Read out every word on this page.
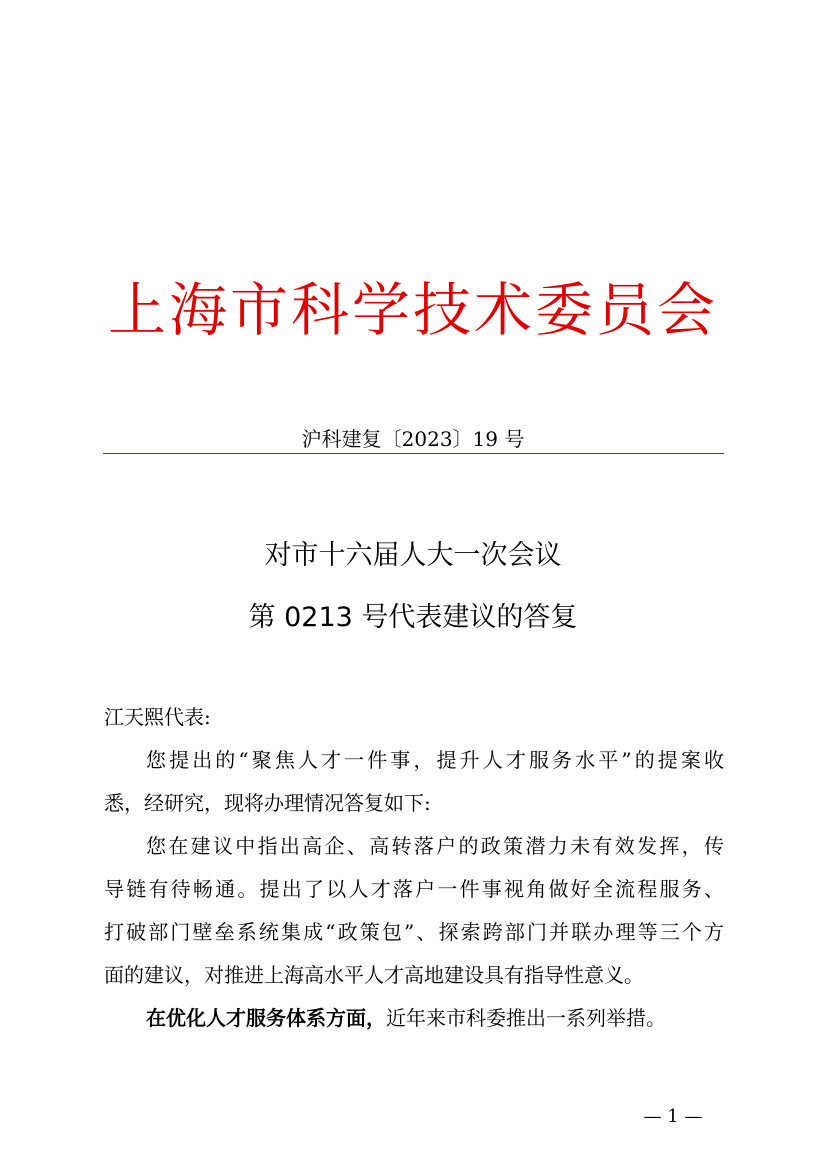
上海市科学技术委员会
沪科建复〔2023〕19 号
对市十六届人大一次会议
第 0213 号代表建议的答复
江天熙代表:
您提出的“聚焦人才一件事，提升人才服务水平”的提案收
悉，经研究，现将办理情况答复如下:
您在建议中指出高企、高转落户的政策潜力未有效发挥，传
导链有待畅通。提出了以人才落户一件事视角做好全流程服务、
打破部门壁垒系统集成“政策包”、探索跨部门并联办理等三个方
面的建议，对推进上海高水平人才高地建设具有指导性意义。
在优化人才服务体系方面，近年来市科委推出一系列举措。
— 1 —
